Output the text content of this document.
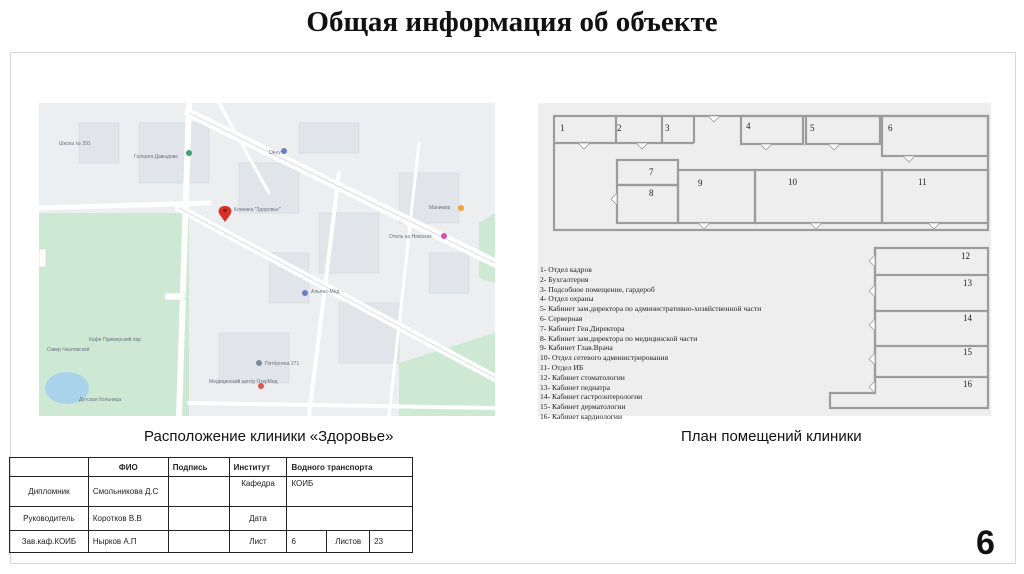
Общая информация об объекте
Клиника "Здоровье"
Школа № 291
Галерея Давыдово
Okey
Маникюр
Отель на Невском
Альянс-Мед
Сквер Чкаловский
Кафе Примерский пар
Медицинский центр ОткрМед
Пятёрочка 271
Детская больница
Расположение клиники «Здоровье»
1	2	3	4	5	6
7
8
9	10	11
12
13
14
15
16
1- Отдел кадров
2- Бухгалтерия
3- Подсобное помещение, гардероб
4- Отдел охраны
5- Кабинет зам.директора по административно-хозяйственной части
6- Серверная
7- Кабинет Ген.Директора
8- Кабинет зам.директора по медицинской части
9- Кабинет Глав.Врача
10- Отдел сетевого администрирования
11- Отдел ИБ
12- Кабинет стоматологии
13- Кабинет педиатра
14- Кабинет гастроэнтерологии
15- Кабинет дерматологии
16- Кабинет кардиологии
План помещений клиники
	ФИО	Подпись	Институт	Водного транспорта		
Дипломник	Смольникова Д.С		Кафедра	КОИБ		
Руководитель	Коротков В.В		Дата			
Зав.каф.КОИБ	Нырков А.П		Лист	6	Листов	23	6
